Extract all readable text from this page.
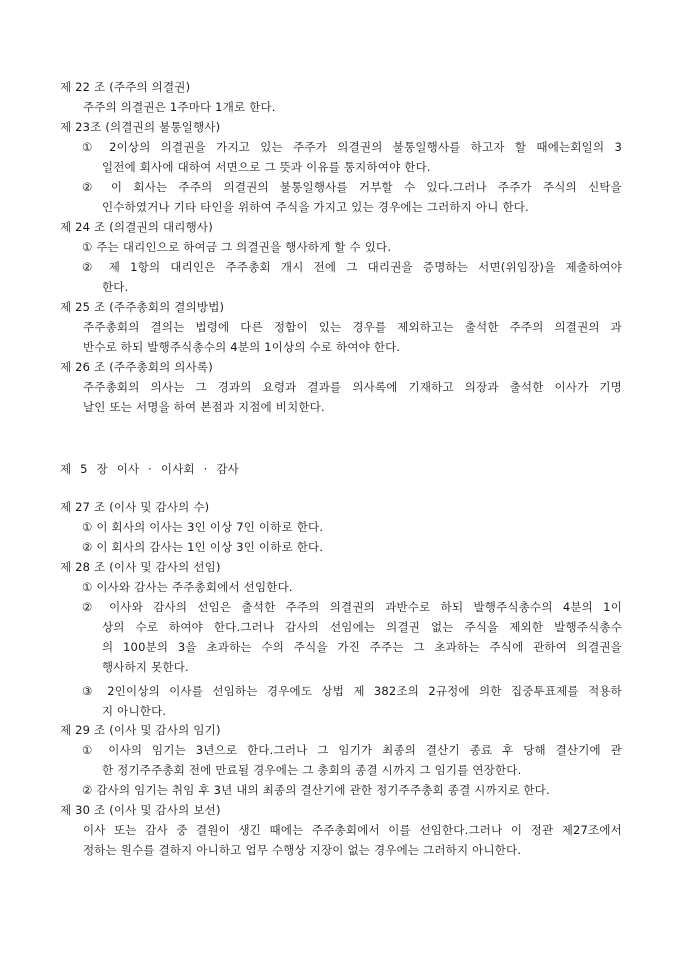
제 22 조 (주주의 의결권)
주주의 의결권은 1주마다 1개로 한다.
제 23조 (의결권의 불통일행사)
① 2이상의 의결권을 가지고 있는 주주가 의결권의 불통일행사를 하고자 할 때에는회일의 3
일전에 회사에 대하여 서면으로 그 뜻과 이유를 통지하여야 한다.
② 이 회사는 주주의 의결권의 불통일행사를 거부할 수 있다.그러나 주주가 주식의 신탁을
인수하였거나 기타 타인을 위하여 주식을 가지고 있는 경우에는 그러하지 아니 한다.
제 24 조 (의결권의 대리행사)
① 주는 대리인으로 하여금 그 의결권을 행사하게 할 수 있다.
② 제 1항의 대리인은 주주총회 개시 전에 그 대리권을 증명하는 서면(위임장)을 제출하여야
한다.
제 25 조 (주주총회의 결의방법)
주주총회의 결의는 법령에 다른 정함이 있는 경우를 제외하고는 출석한 주주의 의결권의 과
반수로 하되 발행주식총수의 4분의 1이상의 수로 하여야 한다.
제 26 조 (주주총회의 의사록)
주주총회의 의사는 그 경과의 요령과 결과를 의사록에 기재하고 의장과 출석한 이사가 기명
날인 또는 서명을 하여 본점과 지점에 비치한다.
제 5 장 이사 · 이사회 · 감사
제 27 조 (이사 및 감사의 수)
① 이 회사의 이사는 3인 이상 7인 이하로 한다.
② 이 회사의 감사는 1인 이상 3인 이하로 한다.
제 28 조 (이사 및 감사의 선임)
① 이사와 감사는 주주총회에서 선임한다.
② 이사와 감사의 선임은 출석한 주주의 의결권의 과반수로 하되 발행주식총수의 4분의 1이
상의 수로 하여야 한다.그러나 감사의 선임에는 의결권 없는 주식을 제외한 발행주식총수
의 100분의 3을 초과하는 수의 주식을 가진 주주는 그 초과하는 주식에 관하여 의결권을
행사하지 못한다.
③ 2인이상의 이사를 선임하는 경우에도 상법 제 382조의 2규정에 의한 집중투표제를 적용하
지 아니한다.
제 29 조 (이사 및 감사의 임기)
① 이사의 임기는 3년으로 한다.그러나 그 임기가 최종의 결산기 종료 후 당해 결산기에 관
한 정기주주총회 전에 만료될 경우에는 그 총회의 종결 시까지 그 임기를 연장한다.
② 감사의 임기는 취임 후 3년 내의 최종의 결산기에 관한 정기주주총회 종결 시까지로 한다.
제 30 조 (이사 및 감사의 보선)
이사 또는 감사 중 결원이 생긴 때에는 주주총회에서 이를 선임한다.그러나 이 정관 제27조에서
정하는 원수를 결하지 아니하고 업무 수행상 지장이 없는 경우에는 그러하지 아니한다.
